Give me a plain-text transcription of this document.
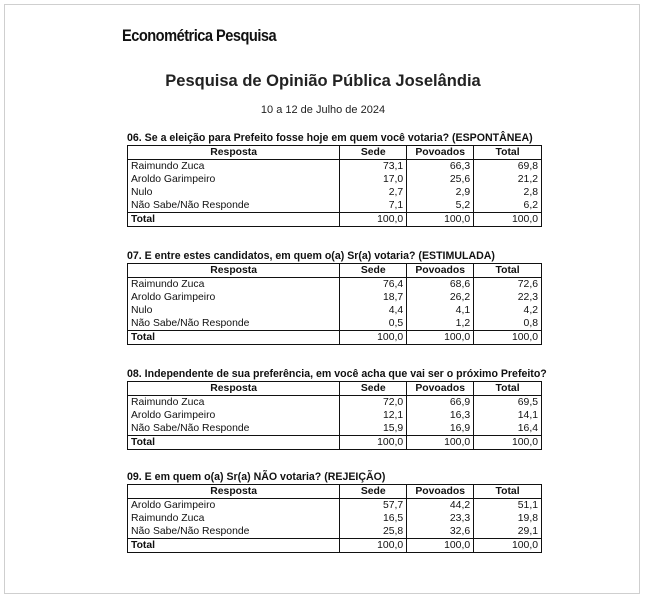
Econométrica Pesquisa
Pesquisa de Opinião Pública Joselândia
10 a 12 de Julho de 2024
06. Se a eleição para Prefeito fosse hoje em quem você votaria? (ESPONTÂNEA)
Resposta	Sede	Povoados	Total
Raimundo Zuca	73,1	66,3	69,8
Aroldo Garimpeiro	17,0	25,6	21,2
Nulo	2,7	2,9	2,8
Não Sabe/Não Responde	7,1	5,2	6,2
Total	100,0	100,0	100,0
07. E entre estes candidatos, em quem o(a) Sr(a) votaria? (ESTIMULADA)
Resposta	Sede	Povoados	Total
Raimundo Zuca	76,4	68,6	72,6
Aroldo Garimpeiro	18,7	26,2	22,3
Nulo	4,4	4,1	4,2
Não Sabe/Não Responde	0,5	1,2	0,8
Total	100,0	100,0	100,0
08. Independente de sua preferência, em você acha que vai ser o próximo Prefeito?
Resposta	Sede	Povoados	Total
Raimundo Zuca	72,0	66,9	69,5
Aroldo Garimpeiro	12,1	16,3	14,1
Não Sabe/Não Responde	15,9	16,9	16,4
Total	100,0	100,0	100,0
09. E em quem o(a) Sr(a) NÃO votaria? (REJEIÇÃO)
Resposta	Sede	Povoados	Total
Aroldo Garimpeiro	57,7	44,2	51,1
Raimundo Zuca	16,5	23,3	19,8
Não Sabe/Não Responde	25,8	32,6	29,1
Total	100,0	100,0	100,0
